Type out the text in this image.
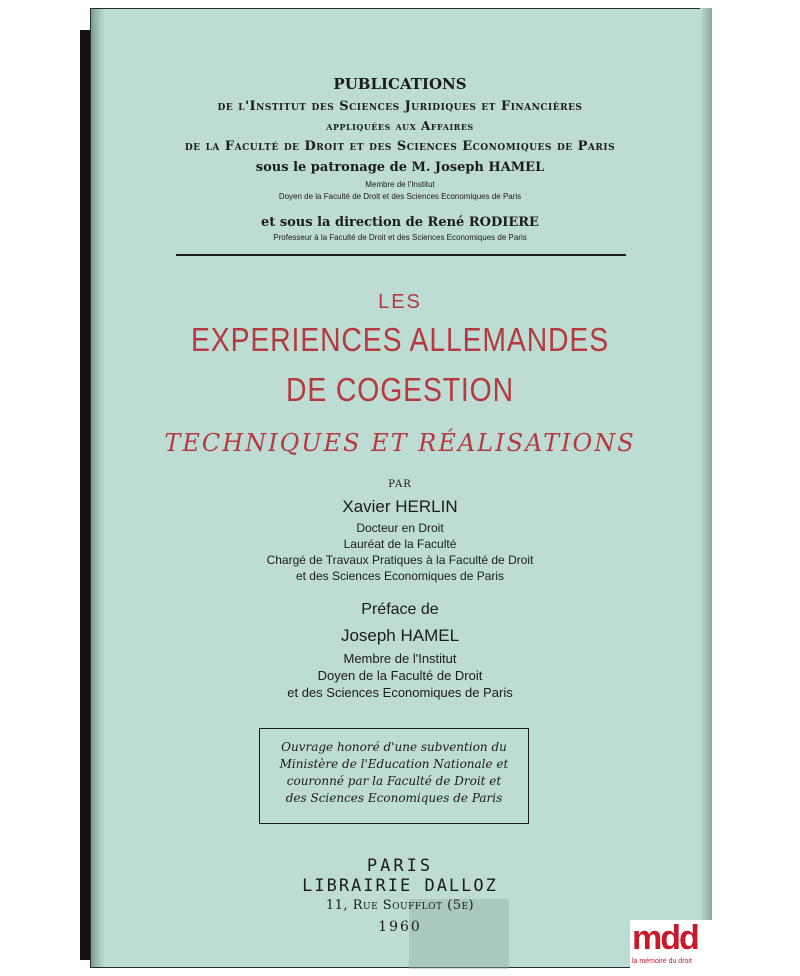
PUBLICATIONS
de l'Institut des Sciences Juridiques et Financières
appliquées aux Affaires
de la Faculté de Droit et des Sciences Economiques de Paris
sous le patronage de M. Joseph HAMEL
Membre de l'Institut
Doyen de la Faculté de Droit et des Sciences Economiques de Paris
et sous la direction de René RODIERE
Professeur à la Faculté de Droit et des Sciences Economiques de Paris
LES
EXPERIENCES ALLEMANDES
DE COGESTION
TECHNIQUES ET RÉALISATIONS
PAR
Xavier HERLIN
Docteur en Droit
Lauréat de la Faculté
Chargé de Travaux Pratiques à la Faculté de Droit
et des Sciences Economiques de Paris
Préface de
Joseph HAMEL
Membre de l'Institut
Doyen de la Faculté de Droit
et des Sciences Economiques de Paris
Ouvrage honoré d'une subvention du
Ministère de l'Education Nationale et
couronné par la Faculté de Droit et
des Sciences Economiques de Paris
PARIS
LIBRAIRIE DALLOZ
11, Rue Soufflot (5e)
1960	mdd
la mémoire du droit
